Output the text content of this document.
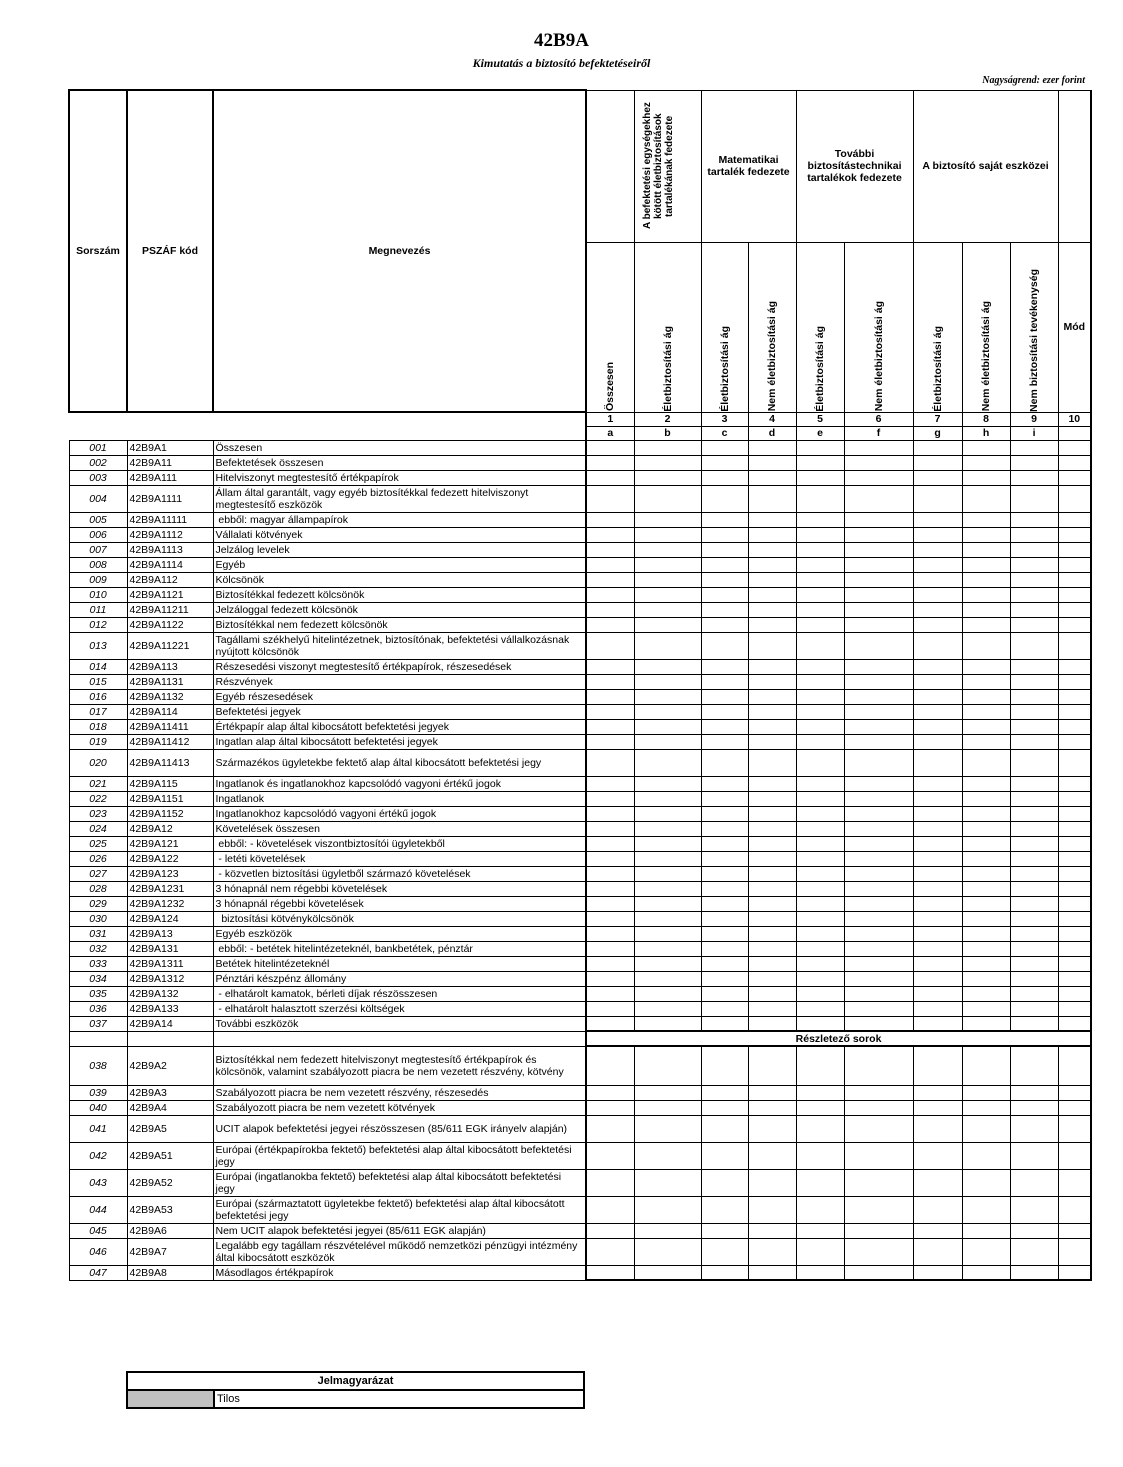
42B9A
Kimutatás a biztosító befektetéseiről
Nagyságrend: ezer forint
Sorszám	PSZÁF kód	Megnevezés		A befektetési egységekhez kötött életbiztosítások tartalékának fedezete	Matematikai tartalék fedezete		További biztosítástechnikai tartalékok fedezete		A biztosító saját eszközei			

			Összesen	Életbiztosítási ág	Életbiztosítási ág	Nem életbiztosítási ág	Életbiztosítási ág	Nem életbiztosítási ág	Életbiztosítási ág	Nem életbiztosítási ág	Nem biztosítási tevékenység	Mód
			1	2	3	4	5	6	7	8	9	10
			a	b	c	d	e	f	g	h	i	
001	42B9A1	Összesen										
002	42B9A11	Befektetések összesen										
003	42B9A111	Hitelviszonyt megtestesítő értékpapírok										
004	42B9A1111	Állam által garantált, vagy egyéb biztosítékkal fedezett hitelviszonyt megtestesítő eszközök										
005	42B9A11111	ebből: magyar állampapírok										
006	42B9A1112	Vállalati kötvények										
007	42B9A1113	Jelzálog levelek										
008	42B9A1114	Egyéb										
009	42B9A112	Kölcsönök										
010	42B9A1121	Biztosítékkal fedezett kölcsönök										
011	42B9A11211	Jelzáloggal fedezett kölcsönök										
012	42B9A1122	Biztosítékkal nem fedezett kölcsönök										
013	42B9A11221	Tagállami székhelyű hitelintézetnek, biztosítónak, befektetési vállalkozásnak nyújtott kölcsönök										
014	42B9A113	Részesedési viszonyt megtestesítő értékpapírok, részesedések										
015	42B9A1131	Részvények										
016	42B9A1132	Egyéb részesedések										
017	42B9A114	Befektetési jegyek										
018	42B9A11411	Értékpapír alap által kibocsátott befektetési jegyek										
019	42B9A11412	Ingatlan alap által kibocsátott befektetési jegyek										
020	42B9A11413	Származékos ügyletekbe fektető alap által kibocsátott befektetési jegy										
021	42B9A115	Ingatlanok és ingatlanokhoz kapcsolódó vagyoni értékű jogok										
022	42B9A1151	Ingatlanok										
023	42B9A1152	Ingatlanokhoz kapcsolódó vagyoni értékű jogok										
024	42B9A12	Követelések összesen										
025	42B9A121	ebből: - követelések viszontbiztosítói ügyletekből										
026	42B9A122	- letéti követelések										
027	42B9A123	- közvetlen biztosítási ügyletből származó követelések										
028	42B9A1231	3 hónapnál nem régebbi követelések										
029	42B9A1232	3 hónapnál régebbi követelések										
030	42B9A124	biztosítási kötvénykölcsönök										
031	42B9A13	Egyéb eszközök										
032	42B9A131	ebből: - betétek hitelintézeteknél, bankbetétek, pénztár										
033	42B9A1311	Betétek hitelintézeteknél										
034	42B9A1312	Pénztári készpénz állomány										
035	42B9A132	- elhatárolt kamatok, bérleti díjak részösszesen										
036	42B9A133	- elhatárolt halasztott szerzési költségek										
037	42B9A14	További eszközök										
			Részletező sorok									
038	42B9A2	Biztosítékkal nem fedezett hitelviszonyt megtestesítő értékpapírok és kölcsönök, valamint szabályozott piacra be nem vezetett részvény, kötvény										
039	42B9A3	Szabályozott piacra be nem vezetett részvény, részesedés										
040	42B9A4	Szabályozott piacra be nem vezetett kötvények										
041	42B9A5	UCIT alapok befektetési jegyei részösszesen (85/611 EGK irányelv alapján)										
042	42B9A51	Európai (értékpapírokba fektető) befektetési alap által kibocsátott befektetési jegy										
043	42B9A52	Európai (ingatlanokba fektető) befektetési alap által kibocsátott befektetési jegy										
044	42B9A53	Európai (származtatott ügyletekbe fektető) befektetési alap által kibocsátott befektetési jegy										
045	42B9A6	Nem UCIT alapok befektetési jegyei (85/611 EGK alapján)										
046	42B9A7	Legalább egy tagállam részvételével működő nemzetközi pénzügyi intézmény által kibocsátott eszközök										
047	42B9A8	Másodlagos értékpapírok										
Jelmagyarázat
	Tilos
